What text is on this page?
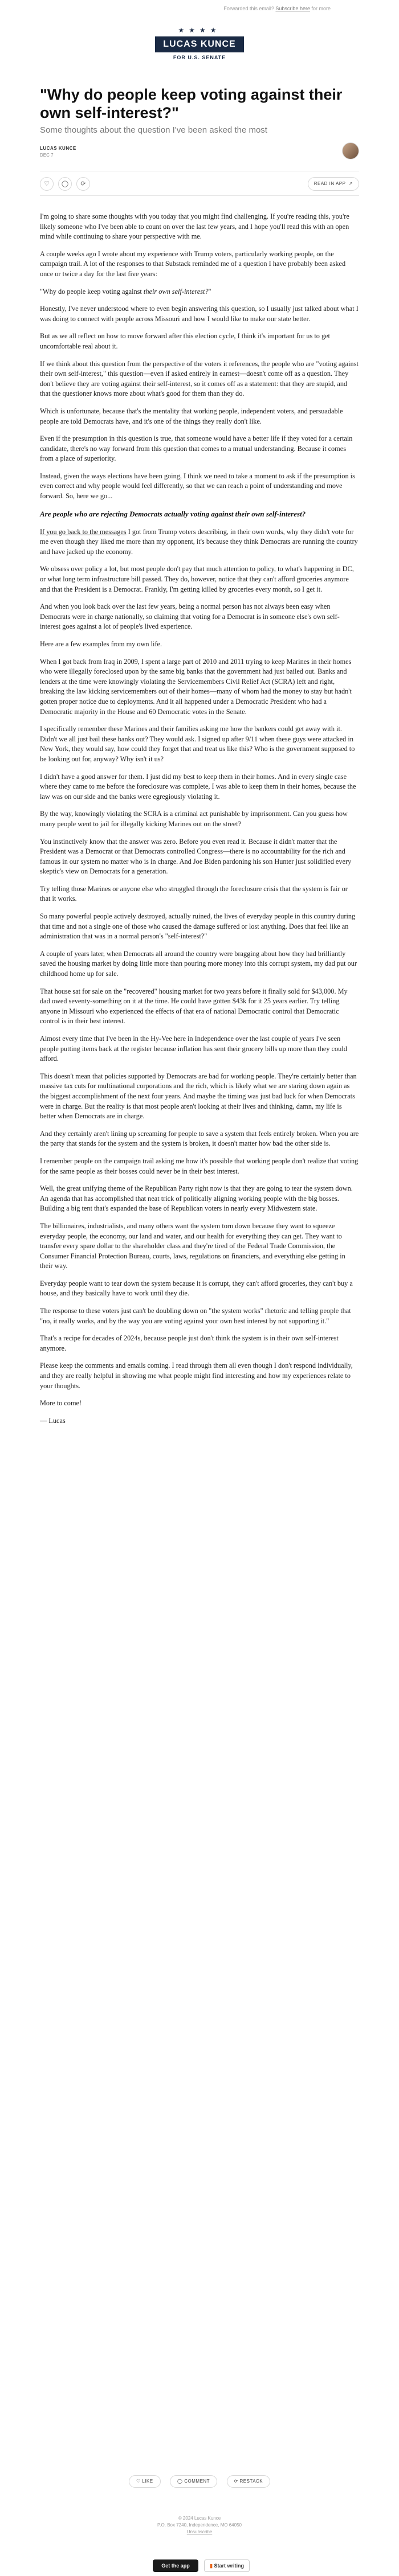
Forwarded this email? Subscribe here for more
★★★★
LUCAS KUNCE
FOR U.S. SENATE
"Why do people keep voting against their own self-interest?"
Some thoughts about the question I've been asked the most
LUCAS KUNCE
DEC 7
♡	◯	⟳	READ IN APP  ↗

I'm going to share some thoughts with you today that you might find challenging. If you're reading this, you're likely someone who I've been able to count on over the last few years, and I hope you'll read this with an open mind while continuing to share your perspective with me.

A couple weeks ago I wrote about my experience with Trump voters, particularly working people, on the campaign trail. A lot of the responses to that Substack reminded me of a question I have probably been asked once or twice a day for the last five years:

"Why do people keep voting against their own self-interest?"

Honestly, I've never understood where to even begin answering this question, so I usually just talked about what I was doing to connect with people across Missouri and how I would like to make our state better.

But as we all reflect on how to move forward after this election cycle, I think it's important for us to get uncomfortable real about it.

If we think about this question from the perspective of the voters it references, the people who are "voting against their own self-interest," this question—even if asked entirely in earnest—doesn't come off as a question. They don't believe they are voting against their self-interest, so it comes off as a statement: that they are stupid, and that the questioner knows more about what's good for them than they do.

Which is unfortunate, because that's the mentality that working people, independent voters, and persuadable people are told Democrats have, and it's one of the things they really don't like.

Even if the presumption in this question is true, that someone would have a better life if they voted for a certain candidate, there's no way forward from this question that comes to a mutual understanding. Because it comes from a place of superiority.

Instead, given the ways elections have been going, I think we need to take a moment to ask if the presumption is even correct and why people would feel differently, so that we can reach a point of understanding and move forward. So, here we go...

Are people who are rejecting Democrats actually voting against their own self-interest?

If you go back to the messages I got from Trump voters describing, in their own words, why they didn't vote for me even though they liked me more than my opponent, it's because they think Democrats are running the country and have jacked up the economy.

We obsess over policy a lot, but most people don't pay that much attention to policy, to what's happening in DC, or what long term infrastructure bill passed. They do, however, notice that they can't afford groceries anymore and that the President is a Democrat. Frankly, I'm getting killed by groceries every month, so I get it.

And when you look back over the last few years, being a normal person has not always been easy when Democrats were in charge nationally, so claiming that voting for a Democrat is in someone else's own self-interest goes against a lot of people's lived experience.

Here are a few examples from my own life.

When I got back from Iraq in 2009, I spent a large part of 2010 and 2011 trying to keep Marines in their homes who were illegally foreclosed upon by the same big banks that the government had just bailed out. Banks and lenders at the time were knowingly violating the Servicemembers Civil Relief Act (SCRA) left and right, breaking the law kicking servicemembers out of their homes—many of whom had the money to stay but hadn't gotten proper notice due to deployments. And it all happened under a Democratic President who had a Democratic majority in the House and 60 Democratic votes in the Senate.

I specifically remember these Marines and their families asking me how the bankers could get away with it. Didn't we all just bail these banks out? They would ask. I signed up after 9/11 when these guys were attacked in New York, they would say, how could they forget that and treat us like this? Who is the government supposed to be looking out for, anyway? Why isn't it us?

I didn't have a good answer for them. I just did my best to keep them in their homes. And in every single case where they came to me before the foreclosure was complete, I was able to keep them in their homes, because the law was on our side and the banks were egregiously violating it.

By the way, knowingly violating the SCRA is a criminal act punishable by imprisonment. Can you guess how many people went to jail for illegally kicking Marines out on the street?

You instinctively know that the answer was zero. Before you even read it. Because it didn't matter that the President was a Democrat or that Democrats controlled Congress—there is no accountability for the rich and famous in our system no matter who is in charge. And Joe Biden pardoning his son Hunter just solidified every skeptic's view on Democrats for a generation.

Try telling those Marines or anyone else who struggled through the foreclosure crisis that the system is fair or that it works.

So many powerful people actively destroyed, actually ruined, the lives of everyday people in this country during that time and not a single one of those who caused the damage suffered or lost anything. Does that feel like an administration that was in a normal person's "self-interest?"

A couple of years later, when Democrats all around the country were bragging about how they had brilliantly saved the housing market by doing little more than pouring more money into this corrupt system, my dad put our childhood home up for sale.

That house sat for sale on the "recovered" housing market for two years before it finally sold for $43,000. My dad owed seventy-something on it at the time. He could have gotten $43k for it 25 years earlier. Try telling anyone in Missouri who experienced the effects of that era of national Democratic control that Democratic control is in their best interest.

Almost every time that I've been in the Hy-Vee here in Independence over the last couple of years I've seen people putting items back at the register because inflation has sent their grocery bills up more than they could afford.

This doesn't mean that policies supported by Democrats are bad for working people. They're certainly better than massive tax cuts for multinational corporations and the rich, which is likely what we are staring down again as the biggest accomplishment of the next four years. And maybe the timing was just bad luck for when Democrats were in charge. But the reality is that most people aren't looking at their lives and thinking, damn, my life is better when Democrats are in charge.

And they certainly aren't lining up screaming for people to save a system that feels entirely broken. When you are the party that stands for the system and the system is broken, it doesn't matter how bad the other side is.

I remember people on the campaign trail asking me how it's possible that working people don't realize that voting for the same people as their bosses could never be in their best interest.

Well, the great unifying theme of the Republican Party right now is that they are going to tear the system down. An agenda that has accomplished that neat trick of politically aligning working people with the big bosses. Building a big tent that's expanded the base of Republican voters in nearly every Midwestern state.

The billionaires, industrialists, and many others want the system torn down because they want to squeeze everyday people, the economy, our land and water, and our health for everything they can get. They want to transfer every spare dollar to the shareholder class and they're tired of the Federal Trade Commission, the Consumer Financial Protection Bureau, courts, laws, regulations on financiers, and everything else getting in their way.

Everyday people want to tear down the system because it is corrupt, they can't afford groceries, they can't buy a house, and they basically have to work until they die.

The response to these voters just can't be doubling down on "the system works" rhetoric and telling people that "no, it really works, and by the way you are voting against your own best interest by not supporting it."

That's a recipe for decades of 2024s, because people just don't think the system is in their own self-interest anymore.

Please keep the comments and emails coming. I read through them all even though I don't respond individually, and they are really helpful in showing me what people might find interesting and how my experiences relate to your thoughts.

More to come!

— Lucas

♡ LIKE	◯ COMMENT	⟳ RESTACK
© 2024 Lucas Kunce
P.O. Box 7240, Independence, MO 64050
Unsubscribe
Get the app	▮ Start writing
